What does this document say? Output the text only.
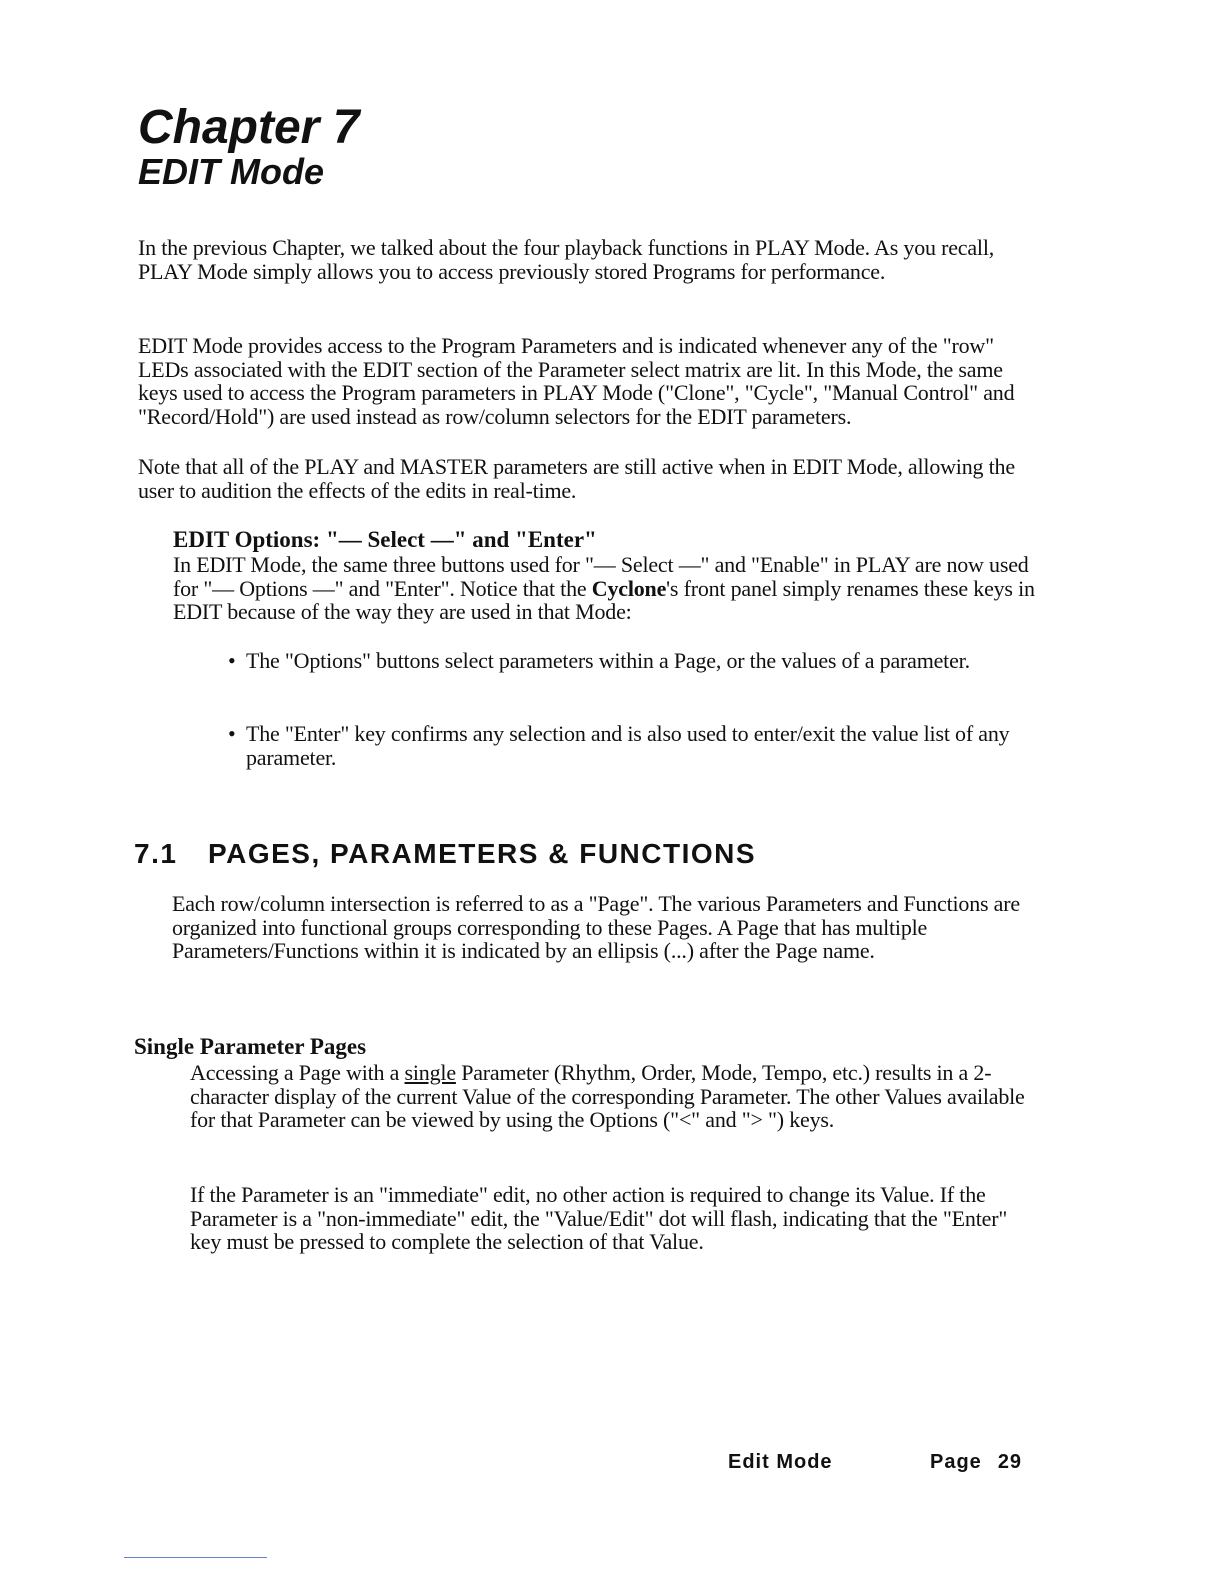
Chapter 7
EDIT Mode

In the previous Chapter, we talked about the four playback functions in PLAY Mode. As you recall, PLAY Mode simply allows you to access previously stored Programs for performance.

EDIT Mode provides access to the Program Parameters and is indicated whenever any of the "row" LEDs associated with the EDIT section of the Parameter select matrix are lit. In this Mode, the same keys used to access the Program parameters in PLAY Mode ("Clone", "Cycle", "Manual Control" and "Record/Hold") are used instead as row/column selectors for the EDIT parameters.

Note that all of the PLAY and MASTER parameters are still active when in EDIT Mode, allowing the user to audition the effects of the edits in real-time.

EDIT Options: "— Select —" and "Enter"

In EDIT Mode, the same three buttons used for "— Select —" and "Enable" in PLAY are now used for "— Options —" and "Enter". Notice that the Cyclone's front panel simply renames these keys in EDIT because of the way they are used in that Mode:

• The "Options" buttons select parameters within a Page, or the values of a parameter.
• The "Enter" key confirms any selection and is also used to enter/exit the value list of any parameter.
7.1 PAGES, PARAMETERS & FUNCTIONS

Each row/column intersection is referred to as a "Page". The various Parameters and Functions are organized into functional groups corresponding to these Pages. A Page that has multiple Parameters/Functions within it is indicated by an ellipsis (...) after the Page name.

Single Parameter Pages

Accessing a Page with a single Parameter (Rhythm, Order, Mode, Tempo, etc.) results in a 2-character display of the current Value of the corresponding Parameter. The other Values available for that Parameter can be viewed by using the Options ("<" and "> ") keys.

If the Parameter is an "immediate" edit, no other action is required to change its Value. If the Parameter is a "non-immediate" edit, the "Value/Edit" dot will flash, indicating that the "Enter" key must be pressed to complete the selection of that Value.

Edit Mode	Page 29
